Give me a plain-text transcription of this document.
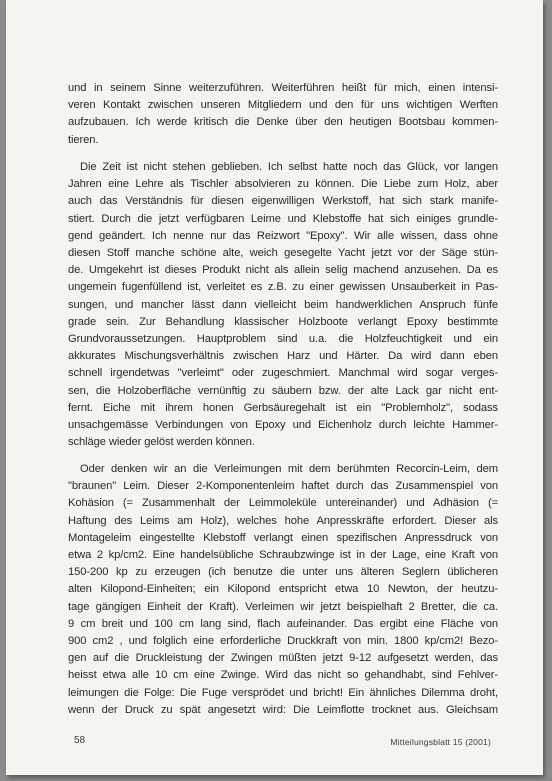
und in seinem Sinne weiterzuführen. Weiterführen heißt für mich, einen intensi-
veren Kontakt zwischen unseren Mitgliedern und den für uns wichtigen Werften
aufzubauen. Ich werde kritisch die Denke über den heutigen Bootsbau kommen-
tieren.
Die Zeit ist nicht stehen geblieben. Ich selbst hatte noch das Glück, vor langen
Jahren eine Lehre als Tischler absolvieren zu können. Die Liebe zum Holz, aber
auch das Verständnis für diesen eigenwilligen Werkstoff, hat sich stark manife-
stiert. Durch die jetzt verfügbaren Leime und Klebstoffe hat sich einiges grundle-
gend geändert. Ich nenne nur das Reizwort "Epoxy". Wir alle wissen, dass ohne
diesen Stoff manche schöne alte, weich gesegelte Yacht jetzt vor der Säge stün-
de. Umgekehrt ist dieses Produkt nicht als allein selig machend anzusehen. Da es
ungemein fugenfüllend ist, verleitet es z.B. zu einer gewissen Unsauberkeit in Pas-
sungen, und mancher lässt dann vielleicht beim handwerklichen Anspruch fünfe
grade sein. Zur Behandlung klassischer Holzboote verlangt Epoxy bestimmte
Grundvoraussetzungen. Hauptproblem sind u.a. die Holzfeuchtigkeit und ein
akkurates Mischungsverhältnis zwischen Harz und Härter. Da wird dann eben
schnell irgendetwas "verleimt" oder zugeschmiert. Manchmal wird sogar verges-
sen, die Holzoberfläche vernünftig zu säubern bzw. der alte Lack gar nicht ent-
fernt. Eiche mit ihrem honen Gerbsäuregehalt ist ein "Problemholz", sodass
unsachgemässe Verbindungen von Epoxy und Eichenholz durch leichte Hammer-
schläge wieder gelöst werden können.
Oder denken wir an die Verleimungen mit dem berühmten Recorcin-Leim, dem
"braunen" Leim. Dieser 2-Komponentenleim haftet durch das Zusammenspiel von
Kohäsion (= Zusammenhalt der Leimmoleküle untereinander) und Adhäsion (=
Haftung des Leims am Holz), welches hohe Anpresskräfte erfordert. Dieser als
Montageleim eingestellte Klebstoff verlangt einen spezifischen Anpressdruck von
etwa 2 kp/cm2. Eine handelsübliche Schraubzwinge ist in der Lage, eine Kraft von
150-200 kp zu erzeugen (ich benutze die unter uns älteren Seglern üblicheren
alten Kilopond-Einheiten; ein Kilopond entspricht etwa 10 Newton, der heutzu-
tage gängigen Einheit der Kraft). Verleimen wir jetzt beispielhaft 2 Bretter, die ca.
9 cm breit und 100 cm lang sind, flach aufeinander. Das ergibt eine Fläche von
900 cm2 , und folglich eine erforderliche Druckkraft von min. 1800 kp/cm2! Bezo-
gen auf die Druckleistung der Zwingen müßten jetzt 9-12 aufgesetzt werden, das
heisst etwa alle 10 cm eine Zwinge. Wird das nicht so gehandhabt, sind Fehlver-
leimungen die Folge: Die Fuge versprödet und bricht! Ein ähnliches Dilemma droht,
wenn der Druck zu spät angesetzt wird: Die Leimflotte trocknet aus. Gleichsam
58	Mitteilungsblatt 15 (2001)
